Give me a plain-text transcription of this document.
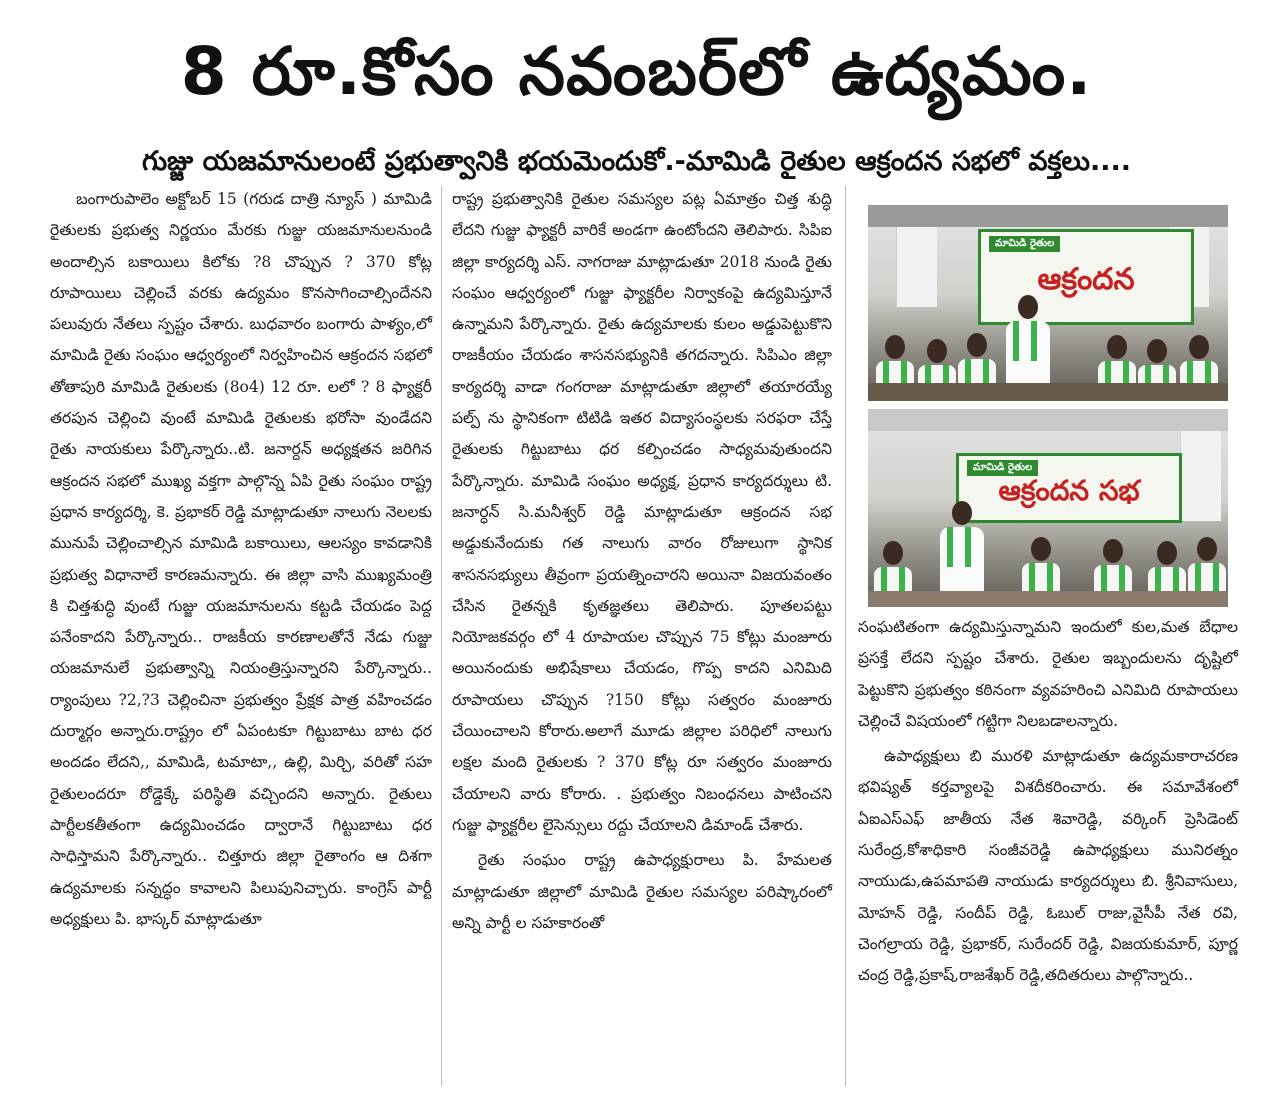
8 రూ.కోసం నవంబర్‌లో ఉద్యమం.
గుజ్జు యజమానులంటే ప్రభుత్వానికి భయమెందుకో.-మామిడి రైతుల ఆక్రందన సభలో వక్తలు....

బంగారుపాలెం అక్టోబర్ 15 (గరుడ దాత్రి న్యూస్ ) మామిడి రైతులకు ప్రభుత్వ నిర్ణయం మేరకు గుజ్జు యజమానులనుండి అందాల్సిన బకాయిలు కిలోకు ?8 చొప్పున ? 370 కోట్ల రూపాయిలు చెల్లించే వరకు ఉద్యమం కొనసాగించాల్సిందేనని పలువురు నేతలు స్పష్టం చేశారు. బుధవారం బంగారు పాళ్యం,లో మామిడి రైతు సంఘం ఆధ్వర్యంలో నిర్వహించిన ఆక్రందన సభలో తోతాపురి మామిడి రైతులకు (8o4) 12 రూ. లలో ? 8 ఫ్యాక్టరీ తరపున చెల్లించి వుంటే మామిడి రైతులకు భరోసా వుండేదని రైతు నాయకులు పేర్కొన్నారు..టి. జనార్దన్ అధ్యక్షతన జరిగిన ఆక్రందన సభలో ముఖ్య వక్తగా పాల్గొన్న ఏపి రైతు సంఘం రాష్ట్ర ప్రధాన కార్యదర్శి, కె. ప్రభాకర్ రెడ్డి మాట్లాడుతూ నాలుగు నెలలకు మునుపే చెల్లించాల్సిన మామిడి బకాయిలు, ఆలస్యం కావడానికి ప్రభుత్వ విధానాలే కారణమన్నారు. ఈ జిల్లా వాసి ముఖ్యమంత్రి కి చిత్తశుద్ధి వుంటే గుజ్జు యజమానులను కట్టడి చేయడం పెద్ద పనేంకాదని పేర్కొన్నారు.. రాజకీయ కారణాలతోనే నేడు గుజ్జు యజమానులే ప్రభుత్వాన్ని నియంత్రిస్తున్నారని పేర్కొన్నారు.. ర్యాంపులు ?2,?3 చెల్లించినా ప్రభుత్వం ప్రేక్షక పాత్ర వహించడం దుర్మార్గం అన్నారు.రాష్ట్రం లో ఏపంటకూ గిట్టుబాటు బాట ధర అందడం లేదని,, మామిడి, టమాటా,, ఉల్లి, మిర్చి, వరితో సహ రైతులందరూ రోడ్డెక్కే పరిస్థితి వచ్చిందని అన్నారు. రైతులు పార్టీలకతీతంగా ఉద్యమించడం ద్వారానే గిట్టుబాటు ధర సాధిస్తామని పేర్కొన్నారు.. చిత్తూరు జిల్లా రైతాంగం ఆ దిశగా ఉద్యమాలకు సన్నద్ధం కావాలని పిలుపునిచ్చారు. కాంగ్రెస్ పార్టీ అధ్యక్షులు పి. భాస్కర్ మాట్లాడుతూ

రాష్ట్ర ప్రభుత్వానికి రైతుల సమస్యల పట్ల ఏమాత్రం చిత్త శుద్ధి లేదని గుజ్జు ఫ్యాక్టరీ వారికే అండగా ఉంటోందని తెలిపారు. సిపిఐ జిల్లా కార్యదర్శి ఎస్. నాగరాజు మాట్లాడుతూ 2018 నుండి రైతు సంఘం ఆధ్వర్యంలో గుజ్జు ఫ్యాక్టరీల నిర్వాకంపై ఉద్యమిస్తూనే ఉన్నామని పేర్కొన్నారు. రైతు ఉద్యమాలకు కులం అడ్డుపెట్టుకొని రాజకీయం చేయడం శాసనసభ్యునికి తగదన్నారు. సిపిఎం జిల్లా కార్యదర్శి వాడా గంగరాజు మాట్లాడుతూ జిల్లాలో తయారయ్యే పల్ప్ ను స్థానికంగా టిటిడి ఇతర విద్యాసంస్థలకు సరఫరా చేస్తే రైతులకు గిట్టుబాటు ధర కల్పించడం సాధ్యమవుతుందని పేర్కొన్నారు. మామిడి సంఘం అధ్యక్ష, ప్రధాన కార్యదర్శులు టి. జనార్ధన్ సి.మనీశ్వర్ రెడ్డి మాట్లాడుతూ ఆక్రందన సభ అడ్డుకునేందుకు గత నాలుగు వారం రోజులుగా స్థానిక శాసనసభ్యులు తీవ్రంగా ప్రయత్నించారని అయినా విజయవంతం చేసిన రైతన్నకి కృతజ్ఞతలు తెలిపారు. పూతలపట్టు నియోజకవర్గం లో 4 రూపాయల చొప్పున 75 కోట్లు మంజూరు అయినందుకు అభిషేకాలు చేయడం, గొప్ప కాదని ఎనిమిది రూపాయలు చొప్పున ?150 కోట్లు సత్వరం మంజూరు చేయించాలని కోరారు.అలాగే మూడు జిల్లాల పరిధిలో నాలుగు లక్షల మంది రైతులకు ? 370 కోట్ల రూ సత్వరం మంజూరు చేయాలని వారు కోరారు. . ప్రభుత్వం నిబంధనలు పాటించని గుజ్జు ఫ్యాక్టరీల లైసెన్సులు రద్దు చేయాలని డిమాండ్ చేశారు.

రైతు సంఘం రాష్ట్ర ఉపాధ్యక్షురాలు పి. హేమలత మాట్లాడుతూ జిల్లాలో మామిడి రైతుల సమస్యల పరిష్కారంలో అన్ని పార్టీ ల సహకారంతో

మామిడి రైతుల
ఆక్రందన
మామిడి రైతుల
ఆక్రందన సభ

సంఘటితంగా ఉద్యమిస్తున్నామని ఇందులో కుల,మత బేధాల ప్రసక్తే లేదని స్పష్టం చేశారు. రైతుల ఇబ్బందులను దృష్టిలో పెట్టుకొని ప్రభుత్వం కఠినంగా వ్యవహరించి ఎనిమిది రూపాయలు చెల్లించే విషయంలో గట్టిగా నిలబడాలన్నారు.

ఉపాధ్యక్షులు బి మురళి మాట్లాడుతూ ఉద్యమకారాచరణ భవిష్యత్ కర్తవ్యాలపై విశదీకరించారు. ఈ సమావేశంలో ఏఐఎస్ఎఫ్ జాతీయ నేత శివారెడ్డి, వర్కింగ్ ప్రెసిడెంట్ సురేంద్ర,కోశాధికారి సంజీవరెడ్డి ఉపాధ్యక్షులు మునిరత్నం నాయుడు,ఉపమాపతి నాయుడు కార్యదర్శులు బి. శ్రీనివాసులు, మోహన్ రెడ్డి, సందీప్ రెడ్డి, ఓబుల్ రాజు,వైసీపీ నేత రవి, చెంగల్రాయ రెడ్డి, ప్రభాకర్, సురేందర్ రెడ్డి, విజయకుమార్, పూర్ణ చంద్ర రెడ్డి,ప్రకాష్,రాజశేఖర్ రెడ్డి,తదితరులు పాల్గొన్నారు..
